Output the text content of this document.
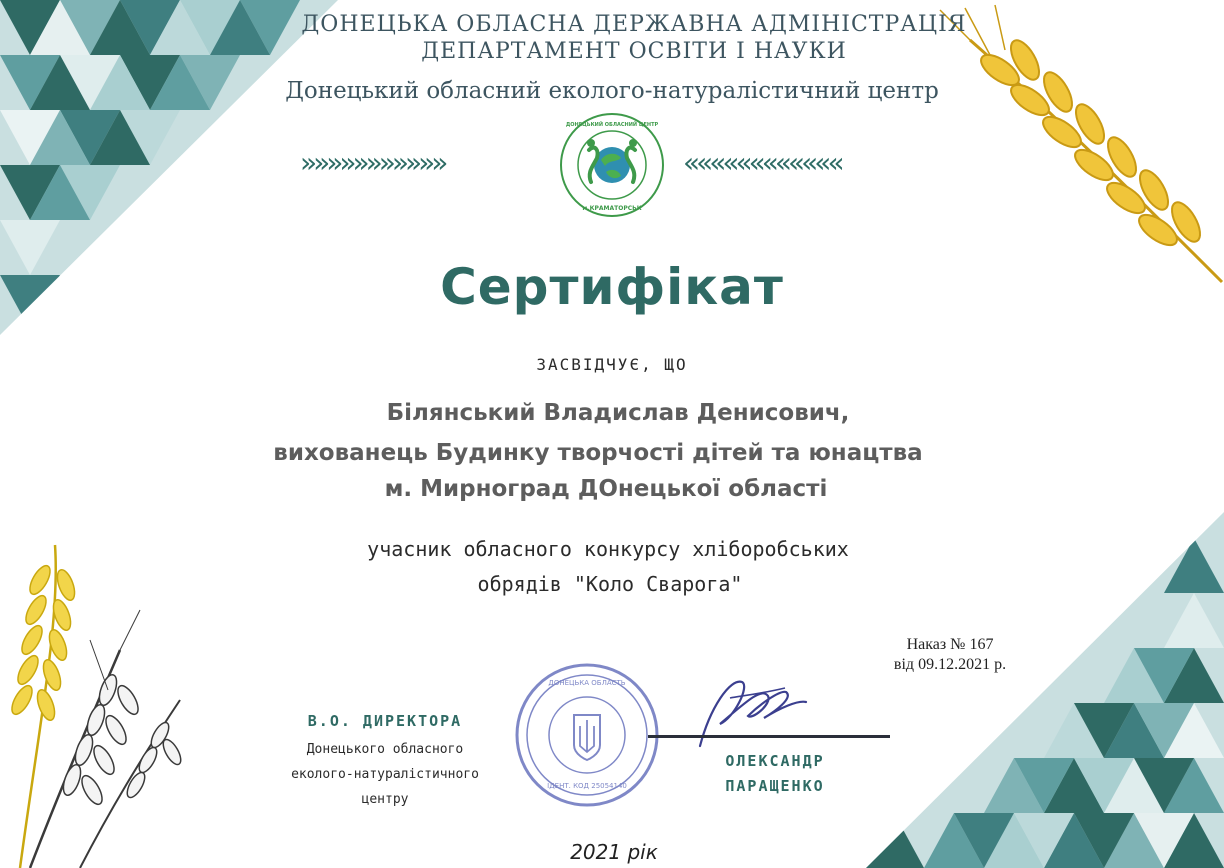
ДОНЕЦЬКА ОБЛАСНА ДЕРЖАВНА АДМІНІСТРАЦІЯ
ДЕПАРТАМЕНТ ОСВІТИ І НАУКИ
Донецький обласний еколого-натуралістичний центр
»»»»»»»»»»»	««««««««««««
ДОНЕЦЬКИЙ ОБЛАСНИЙ ЦЕНТР
м.КРАМАТОРСЬК
Сертифікат
ЗАСВІДЧУЄ, ЩО
Білянський Владислав Денисович,
вихованець Будинку творчості дітей та юнацтва
м. Мирноград ДОнецької області
учасник обласного конкурсу хліборобських
обрядів "Коло Сварога"
Наказ № 167
від 09.12.2021 р.
В.О. ДИРЕКТОРА
Донецького обласного
еколого-натуралістичного
центру
ДОНЕЦЬКА ОБЛАСТЬ
ІДЕНТ. КОД 25054140
ОЛЕКСАНДР
ПАРАЩЕНКО
2021 рік
